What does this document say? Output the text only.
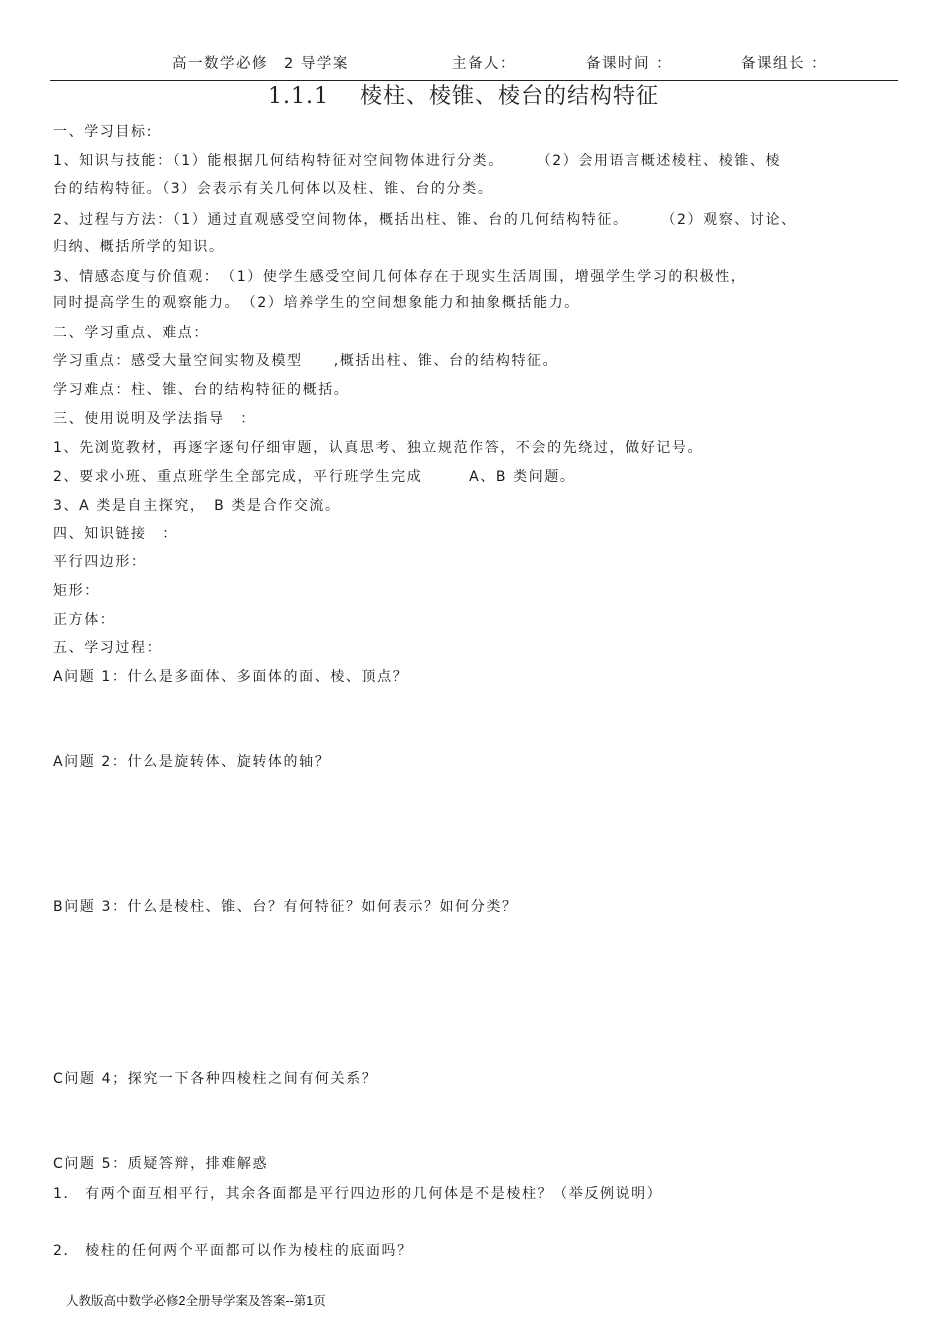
高一数学必修　2 导学案	主备人：	备课时间 ：	备课组长 ：
1.1.1　 棱柱、棱锥、棱台的结构特征
一、学习目标:
1、知识与技能：（1）能根据几何结构特征对空间物体进行分类。　　　（2）会用语言概述棱柱、棱锥、棱
台的结构特征。（3）会表示有关几何体以及柱、锥、台的分类。
2、过程与方法：（1）通过直观感受空间物体，概括出柱、锥、台的几何结构特征。　　　（2）观察、讨论、
归纳、概括所学的知识。
3、情感态度与价值观：　（1）使学生感受空间几何体存在于现实生活周围，增强学生学习的积极性，
同时提高学生的观察能力。　（2）培养学生的空间想象能力和抽象概括能力。
二、学习重点、难点：
学习重点：感受大量空间实物及模型　　,概括出柱、锥、台的结构特征。
学习难点：柱、锥、台的结构特征的概括。
三、使用说明及学法指导　：
1、先浏览教材，再逐字逐句仔细审题，认真思考、独立规范作答，不会的先绕过，做好记号。
2、要求小班、重点班学生全部完成，平行班学生完成　　　A、B 类问题。
3、A 类是自主探究，　B 类是合作交流。
四、知识链接　：
平行四边形：
矩形：
正方体：
五、学习过程：
A问题 1：什么是多面体、多面体的面、棱、顶点？
A问题 2：什么是旋转体、旋转体的轴？
B问题 3：什么是棱柱、锥、台？有何特征？如何表示？如何分类？
C问题 4；探究一下各种四棱柱之间有何关系？
C问题 5：质疑答辩，排难解惑
1． 有两个面互相平行，其余各面都是平行四边形的几何体是不是棱柱？（举反例说明）
2． 棱柱的任何两个平面都可以作为棱柱的底面吗？
人教版高中数学必修2全册导学案及答案--第1页
